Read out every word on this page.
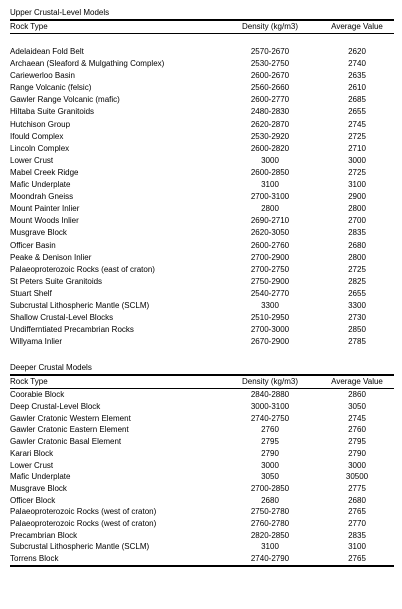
Upper Crustal-Level Models
Rock Type	Density (kg/m3)	Average Value

Adelaidean Fold Belt	2570-2670	2620
Archaean (Sleaford & Mulgathing Complex)	2530-2750	2740
Cariewerloo Basin	2600-2670	2635
Range Volcanic (felsic)	2560-2660	2610
Gawler Range Volcanic (mafic)	2600-2770	2685
Hiltaba Suite Granitoids	2480-2830	2655
Hutchison Group	2620-2870	2745
Ifould Complex	2530-2920	2725
Lincoln Complex	2600-2820	2710
Lower Crust	3000	3000
Mabel Creek Ridge	2600-2850	2725
Mafic Underplate	3100	3100
Moondrah Gneiss	2700-3100	2900
Mount Painter Inlier	2800	2800
Mount Woods Inlier	2690-2710	2700
Musgrave Block	2620-3050	2835
Officer Basin	2600-2760	2680
Peake & Denison Inlier	2700-2900	2800
Palaeoproterozoic Rocks (east of craton)	2700-2750	2725
St Peters Suite Granitoids	2750-2900	2825
Stuart Shelf	2540-2770	2655
Subcrustal Lithospheric Mantle (SCLM)	3300	3300
Shallow Crustal-Level Blocks	2510-2950	2730
Undifferntiated Precambrian Rocks	2700-3000	2850
Willyama Inlier	2670-2900	2785
Deeper Crustal Models
Rock Type	Density (kg/m3)	Average Value
Coorabie Block	2840-2880	2860
Deep Crustal-Level Block	3000-3100	3050
Gawler Cratonic Western Element	2740-2750	2745
Gawler Cratonic Eastern Element	2760	2760
Gawler Cratonic Basal Element	2795	2795
Karari Block	2790	2790
Lower Crust	3000	3000
Mafic Underplate	3050	30500
Musgrave Block	2700-2850	2775
Officer Block	2680	2680
Palaeoproterozoic Rocks (west of craton)	2750-2780	2765
Palaeoproterozoic Rocks (west of craton)	2760-2780	2770
Precambrian Block	2820-2850	2835
Subcrustal Lithospheric Mantle (SCLM)	3100	3100
Torrens Block	2740-2790	2765
